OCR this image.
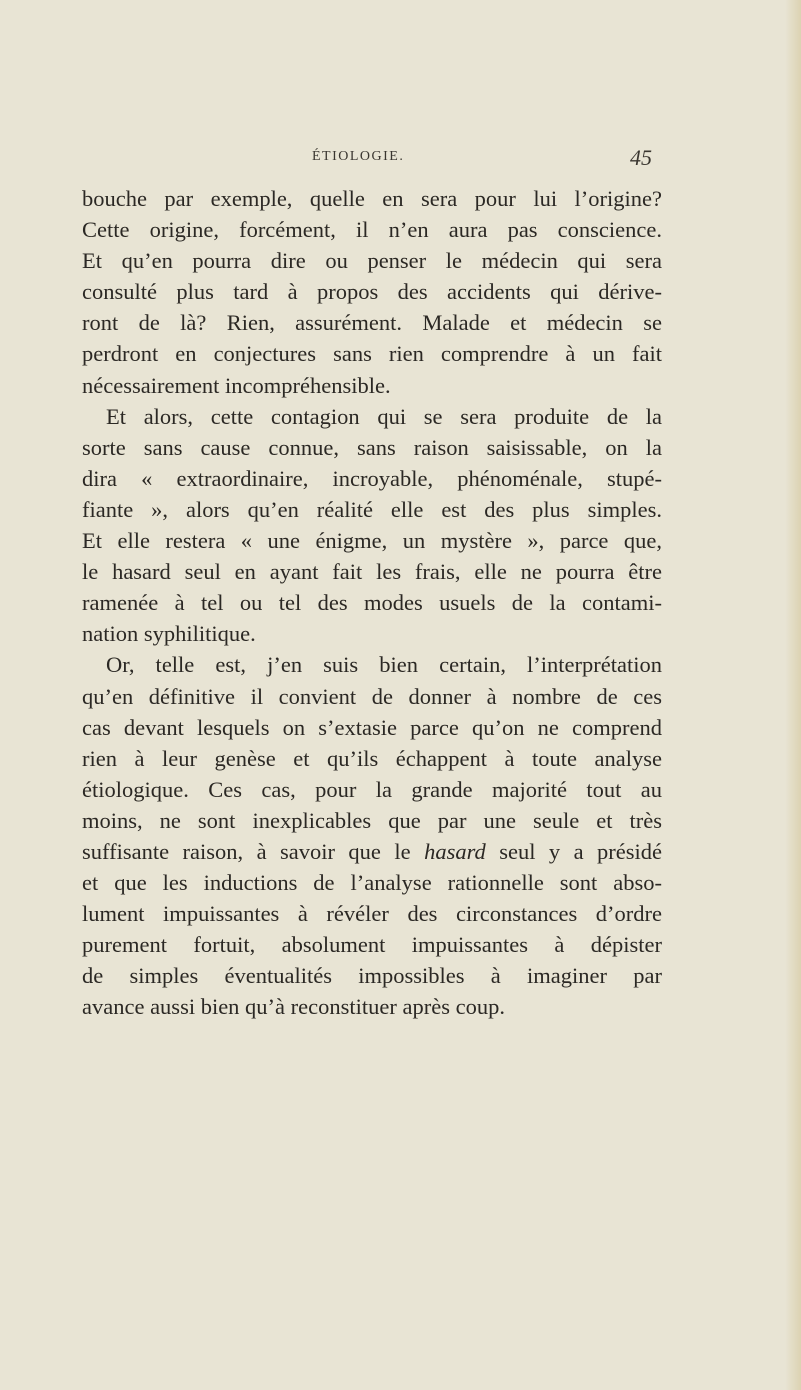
ÉTIOLOGIE.	45
bouche par exemple, quelle en sera pour lui l’origine?
Cette origine, forcément, il n’en aura pas conscience.
Et qu’en pourra dire ou penser le médecin qui sera
consulté plus tard à propos des accidents qui dérive-
ront de là? Rien, assurément. Malade et médecin se
perdront en conjectures sans rien comprendre à un fait
nécessairement incompréhensible.
Et alors, cette contagion qui se sera produite de la
sorte sans cause connue, sans raison saisissable, on la
dira « extraordinaire, incroyable, phénoménale, stupé-
fiante », alors qu’en réalité elle est des plus simples.
Et elle restera « une énigme, un mystère », parce que,
le hasard seul en ayant fait les frais, elle ne pourra être
ramenée à tel ou tel des modes usuels de la contami-
nation syphilitique.
Or, telle est, j’en suis bien certain, l’interprétation
qu’en définitive il convient de donner à nombre de ces
cas devant lesquels on s’extasie parce qu’on ne comprend
rien à leur genèse et qu’ils échappent à toute analyse
étiologique. Ces cas, pour la grande majorité tout au
moins, ne sont inexplicables que par une seule et très
suffisante raison, à savoir que le hasard seul y a présidé
et que les inductions de l’analyse rationnelle sont abso-
lument impuissantes à révéler des circonstances d’ordre
purement fortuit, absolument impuissantes à dépister
de simples éventualités impossibles à imaginer par
avance aussi bien qu’à reconstituer après coup.
